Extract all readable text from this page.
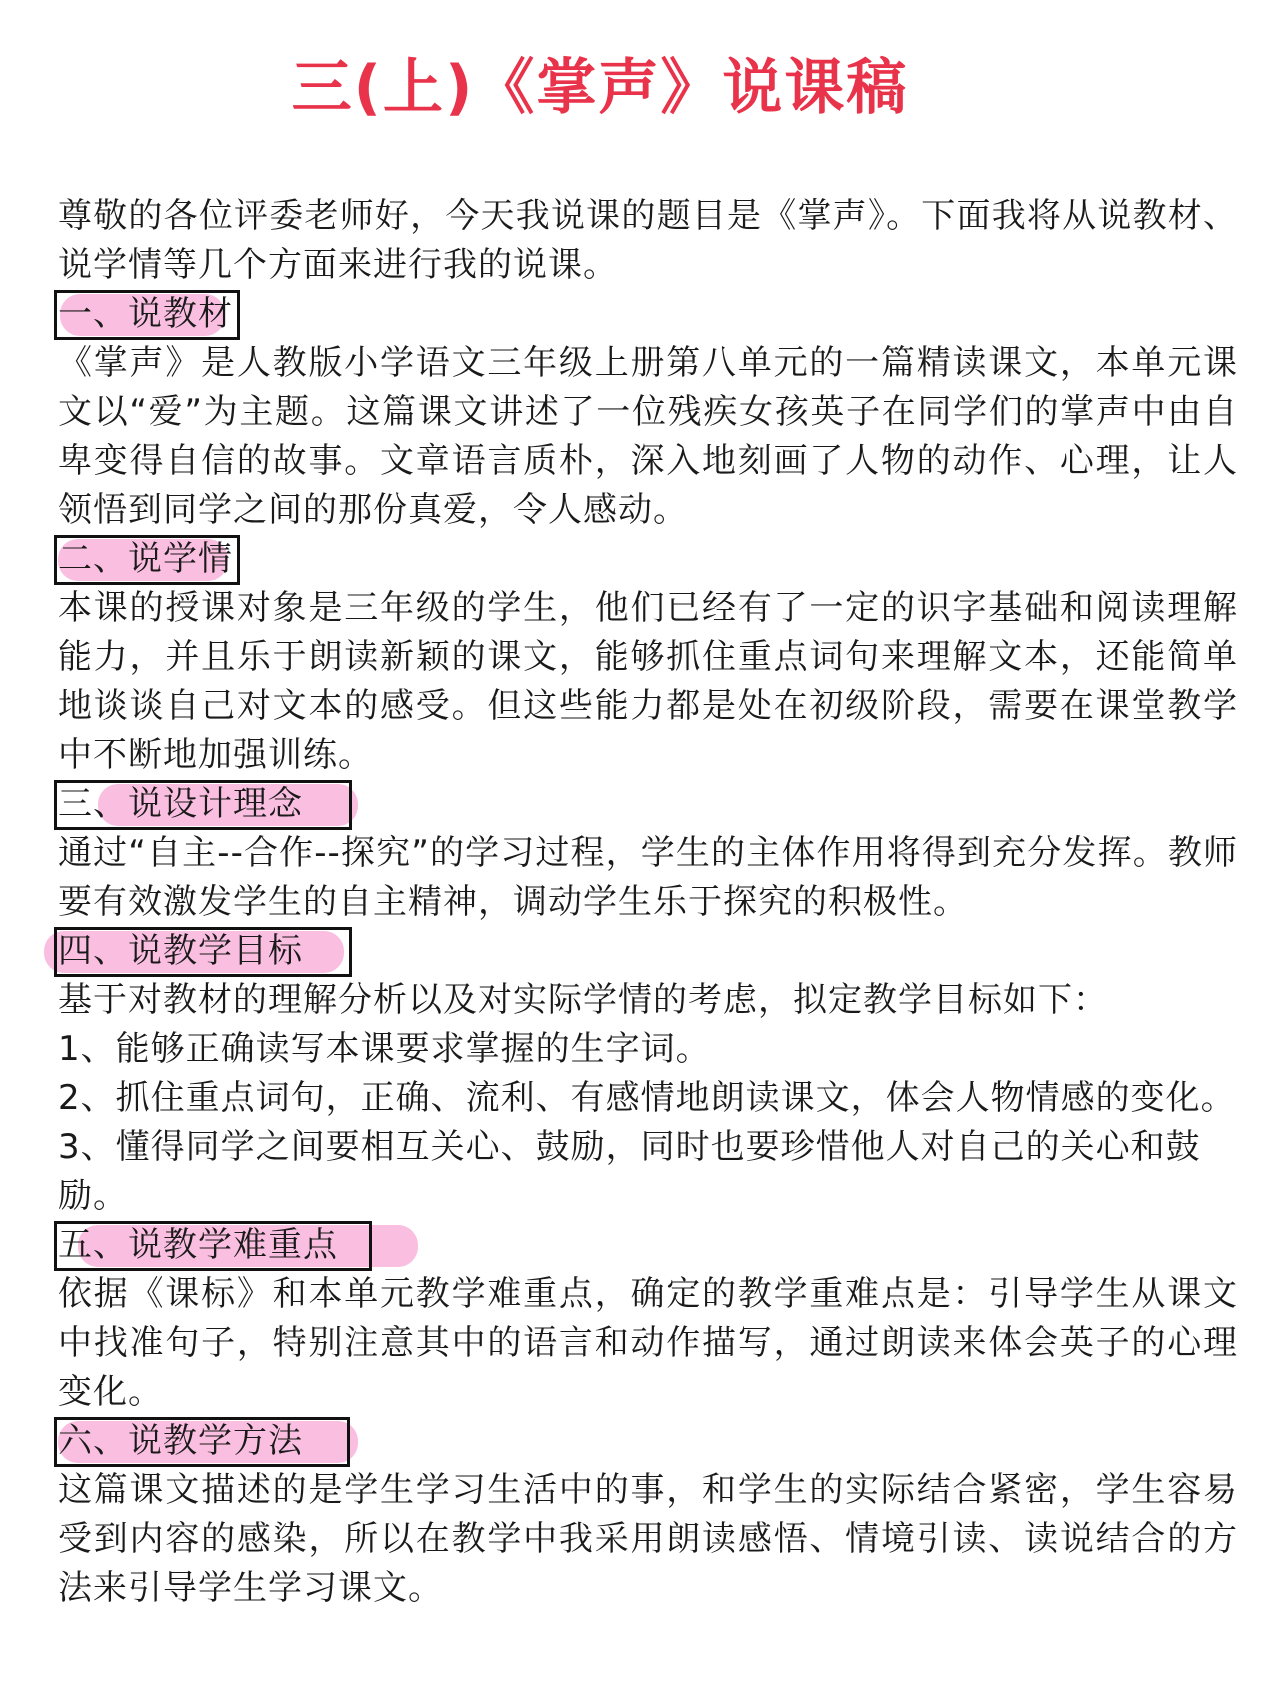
三(上)《掌声》说课稿

尊敬的各位评委老师好，今天我说课的题目是《掌声》。下面我将从说教材、说学情等几个方面来进行我的说课。

一、说教材

《掌声》是人教版小学语文三年级上册第八单元的一篇精读课文，本单元课文以“爱”为主题。这篇课文讲述了一位残疾女孩英子在同学们的掌声中由自卑变得自信的故事。文章语言质朴，深入地刻画了人物的动作、心理，让人领悟到同学之间的那份真爱，令人感动。

二、说学情

本课的授课对象是三年级的学生，他们已经有了一定的识字基础和阅读理解能力，并且乐于朗读新颖的课文，能够抓住重点词句来理解文本，还能简单地谈谈自己对文本的感受。但这些能力都是处在初级阶段，需要在课堂教学中不断地加强训练。

三、说设计理念

通过“自主--合作--探究”的学习过程，学生的主体作用将得到充分发挥。教师要有效激发学生的自主精神，调动学生乐于探究的积极性。

四、说教学目标

基于对教材的理解分析以及对实际学情的考虑，拟定教学目标如下：

1、能够正确读写本课要求掌握的生字词。

2、抓住重点词句，正确、流利、有感情地朗读课文，体会人物情感的变化。

3、懂得同学之间要相互关心、鼓励，同时也要珍惜他人对自己的关心和鼓励。

五、说教学难重点

依据《课标》和本单元教学难重点，确定的教学重难点是：引导学生从课文中找准句子，特别注意其中的语言和动作描写，通过朗读来体会英子的心理变化。

六、说教学方法

这篇课文描述的是学生学习生活中的事，和学生的实际结合紧密，学生容易受到内容的感染，所以在教学中我采用朗读感悟、情境引读、读说结合的方法来引导学生学习课文。
